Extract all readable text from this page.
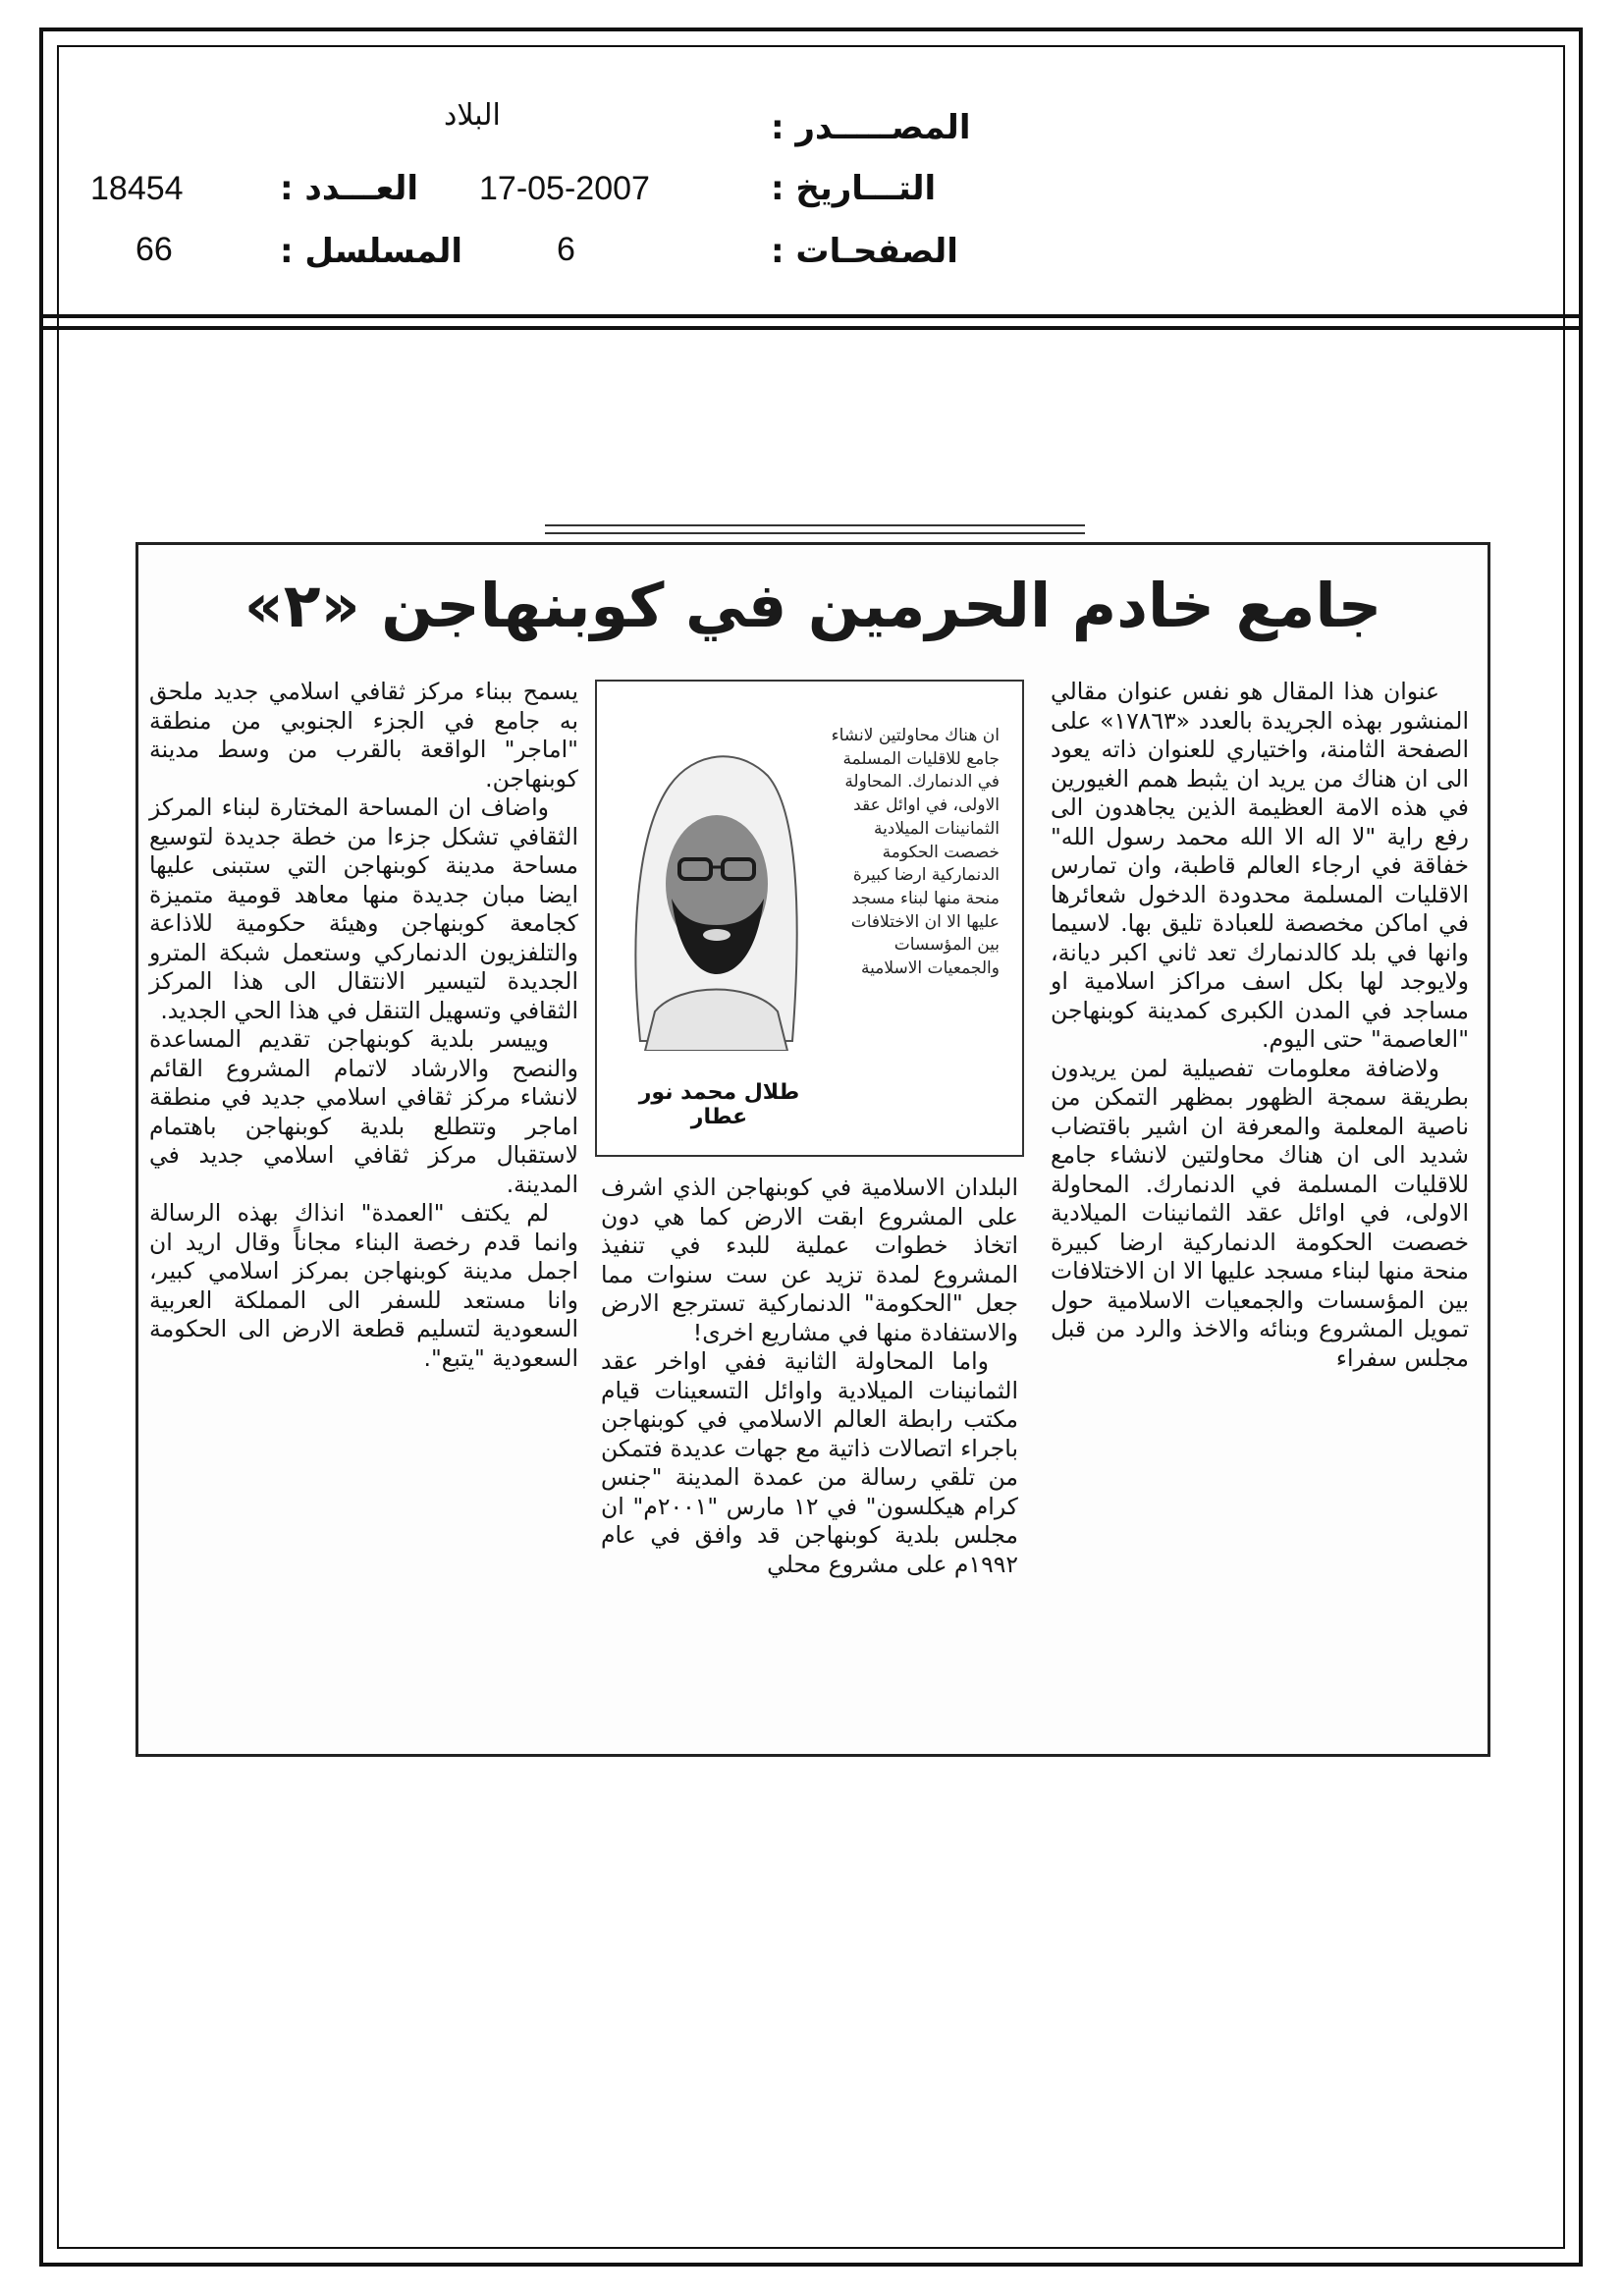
المصـــــدر :
البلاد
التـــاريخ :
17-05-2007
العـــدد :
18454
الصفحـات :
6
المسلسل :
66
جامع خادم الحرمين في كوبنهاجن «٢»

عنوان هذا المقال هو نفس عنوان مقالي المنشور بهذه الجريدة بالعدد «١٧٨٦٣» على الصفحة الثامنة، واختياري للعنوان ذاته يعود الى ان هناك من يريد ان يثبط همم الغيورين في هذه الامة العظيمة الذين يجاهدون الى رفع راية "لا اله الا الله محمد رسول الله" خفاقة في ارجاء العالم قاطبة، وان تمارس الاقليات المسلمة محدودة الدخول شعائرها في اماكن مخصصة للعبادة تليق بها. لاسيما وانها في بلد كالدنمارك تعد ثاني اكبر ديانة، ولايوجد لها بكل اسف مراكز اسلامية او مساجد في المدن الكبرى كمدينة كوبنهاجن "العاصمة" حتى اليوم.

ولاضافة معلومات تفصيلية لمن يريدون بطريقة سمجة الظهور بمظهر التمكن من ناصية المعلمة والمعرفة ان اشير باقتضاب شديد الى ان هناك محاولتين لانشاء جامع للاقليات المسلمة في الدنمارك. المحاولة الاولى، في اوائل عقد الثمانينات الميلادية خصصت الحكومة الدنماركية ارضا كبيرة منحة منها لبناء مسجد عليها الا ان الاختلافات بين المؤسسات والجمعيات الاسلامية حول تمويل المشروع وبنائه والاخذ والرد من قبل مجلس سفراء

ان هناك محاولتين لانشاء جامع للاقليات المسلمة في الدنمارك. المحاولة الاولى، في اوائل عقد الثمانينات الميلادية خصصت الحكومة الدنماركية ارضا كبيرة منحة منها لبناء مسجد عليها الا ان الاختلافات بين المؤسسات والجمعيات الاسلامية
طلال محمد نور عطار

البلدان الاسلامية في كوبنهاجن الذي اشرف على المشروع ابقت الارض كما هي دون اتخاذ خطوات عملية للبدء في تنفيذ المشروع لمدة تزيد عن ست سنوات مما جعل "الحكومة" الدنماركية تسترجع الارض والاستفادة منها في مشاريع اخرى!

واما المحاولة الثانية ففي اواخر عقد الثمانينات الميلادية واوائل التسعينات قيام مكتب رابطة العالم الاسلامي في كوبنهاجن باجراء اتصالات ذاتية مع جهات عديدة فتمكن من تلقي رسالة من عمدة المدينة "جنس كرام هيكلسون" في ١٢ مارس "٢٠٠١م" ان مجلس بلدية كوبنهاجن قد وافق في عام ١٩٩٢م على مشروع محلي

يسمح ببناء مركز ثقافي اسلامي جديد ملحق به جامع في الجزء الجنوبي من منطقة "اماجر" الواقعة بالقرب من وسط مدينة كوبنهاجن.

واضاف ان المساحة المختارة لبناء المركز الثقافي تشكل جزءا من خطة جديدة لتوسيع مساحة مدينة كوبنهاجن التي ستبنى عليها ايضا مبان جديدة منها معاهد قومية متميزة كجامعة كوبنهاجن وهيئة حكومية للاذاعة والتلفزيون الدنماركي وستعمل شبكة المترو الجديدة لتيسير الانتقال الى هذا المركز الثقافي وتسهيل التنقل في هذا الحي الجديد.

وييسر بلدية كوبنهاجن تقديم المساعدة والنصح والارشاد لاتمام المشروع القائم لانشاء مركز ثقافي اسلامي جديد في منطقة اماجر وتتطلع بلدية كوبنهاجن باهتمام لاستقبال مركز ثقافي اسلامي جديد في المدينة.

لم يكتف "العمدة" انذاك بهذه الرسالة وانما قدم رخصة البناء مجاناً وقال اريد ان اجمل مدينة كوبنهاجن بمركز اسلامي كبير، وانا مستعد للسفر الى المملكة العربية السعودية لتسليم قطعة الارض الى الحكومة السعودية "يتبع".
